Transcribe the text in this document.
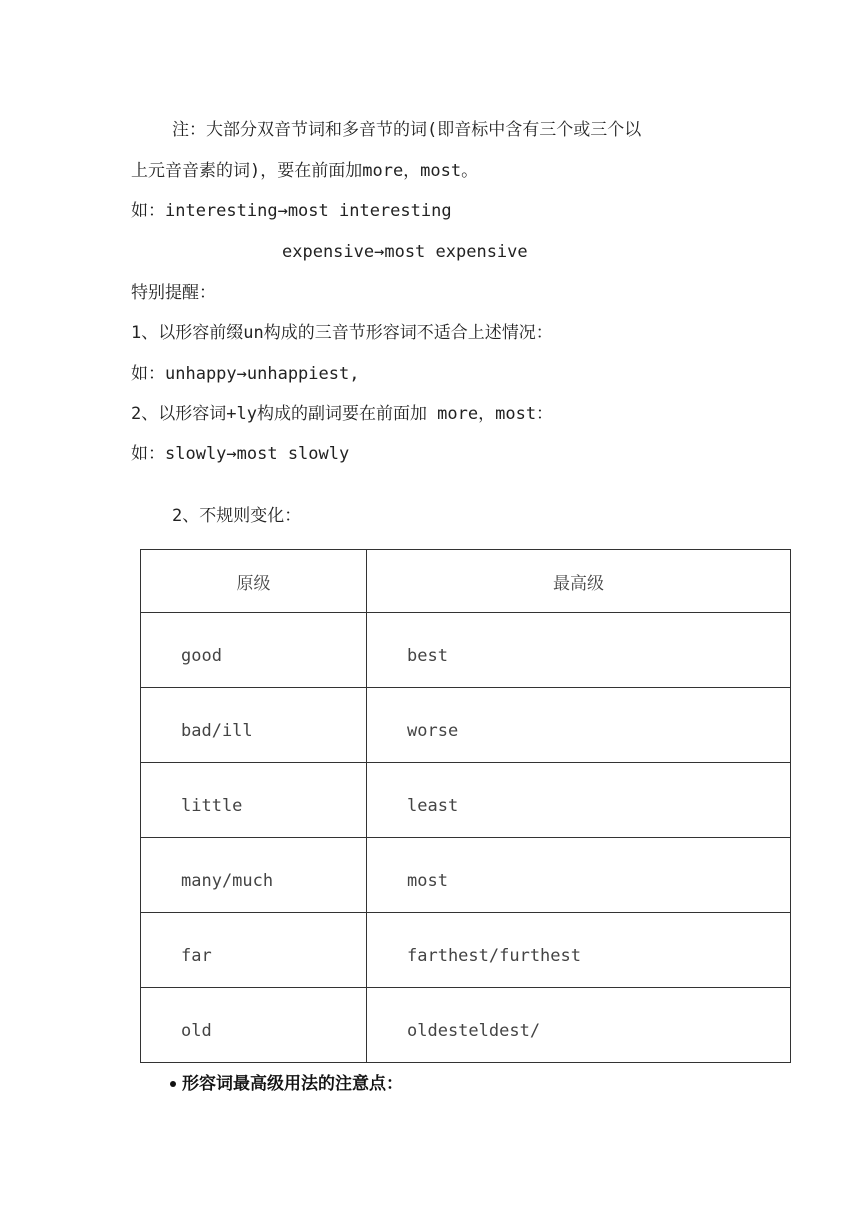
注：大部分双音节词和多音节的词(即音标中含有三个或三个以
上元音音素的词)，要在前面加more，most。
如：interesting→most interesting
expensive→most expensive
特别提醒：
1、以形容前缀un构成的三音节形容词不适合上述情况：
如：unhappy→unhappiest,
2、以形容词+ly构成的副词要在前面加 more，most：
如：slowly→most slowly
2、不规则变化：
原级	最高级
good	best
bad/ill	worse
little	least
many/much	most
far	farthest/furthest
old	oldesteldest/
形容词最高级用法的注意点：
